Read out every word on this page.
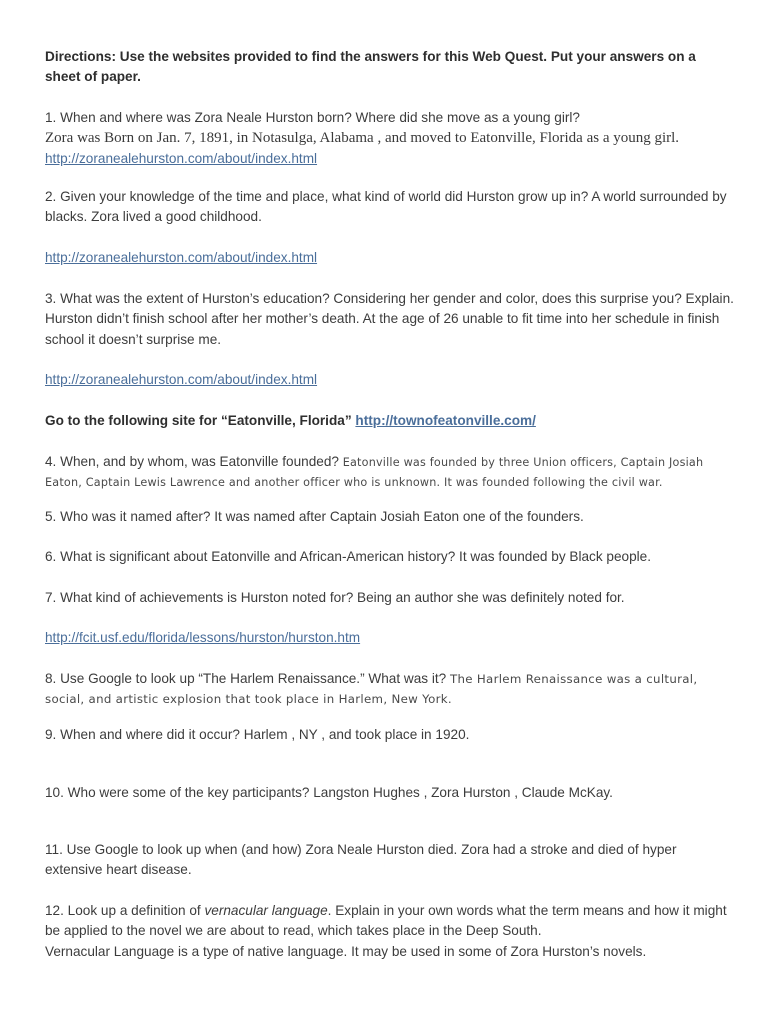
Directions: Use the websites provided to find the answers for this Web Quest. Put your answers on a sheet of paper.
1. When and where was Zora Neale Hurston born? Where did she move as a young girl?
Zora was Born on Jan. 7, 1891, in Notasulga, Alabama , and moved to Eatonville, Florida as a young girl.
http://zoranealehurston.com/about/index.html
2. Given your knowledge of the time and place, what kind of world did Hurston grow up in? A world surrounded by blacks. Zora lived a good childhood.
http://zoranealehurston.com/about/index.html
3. What was the extent of Hurston’s education? Considering her gender and color, does this surprise you? Explain. Hurston didn’t finish school after her mother’s death. At the age of 26 unable to fit time into her schedule in finish school it doesn’t surprise me.
http://zoranealehurston.com/about/index.html
Go to the following site for “Eatonville, Florida” http://townofeatonville.com/
4. When, and by whom, was Eatonville founded? Eatonville was founded by three Union officers, Captain Josiah Eaton, Captain Lewis Lawrence and another officer who is unknown. It was founded following the civil war.
5. Who was it named after? It was named after Captain Josiah Eaton one of the founders.
6. What is significant about Eatonville and African-American history? It was founded by Black people.
7. What kind of achievements is Hurston noted for? Being an author she was definitely noted for.
http://fcit.usf.edu/florida/lessons/hurston/hurston.htm
8. Use Google to look up “The Harlem Renaissance.” What was it? The Harlem Renaissance was a cultural, social, and artistic explosion that took place in Harlem, New York.
9. When and where did it occur? Harlem , NY , and took place in 1920.
10. Who were some of the key participants? Langston Hughes , Zora Hurston , Claude McKay.
11. Use Google to look up when (and how) Zora Neale Hurston died. Zora had a stroke and died of hyper extensive heart disease.
12. Look up a definition of vernacular language. Explain in your own words what the term means and how it might be applied to the novel we are about to read, which takes place in the Deep South.
Vernacular Language is a type of native language. It may be used in some of Zora Hurston’s novels.
